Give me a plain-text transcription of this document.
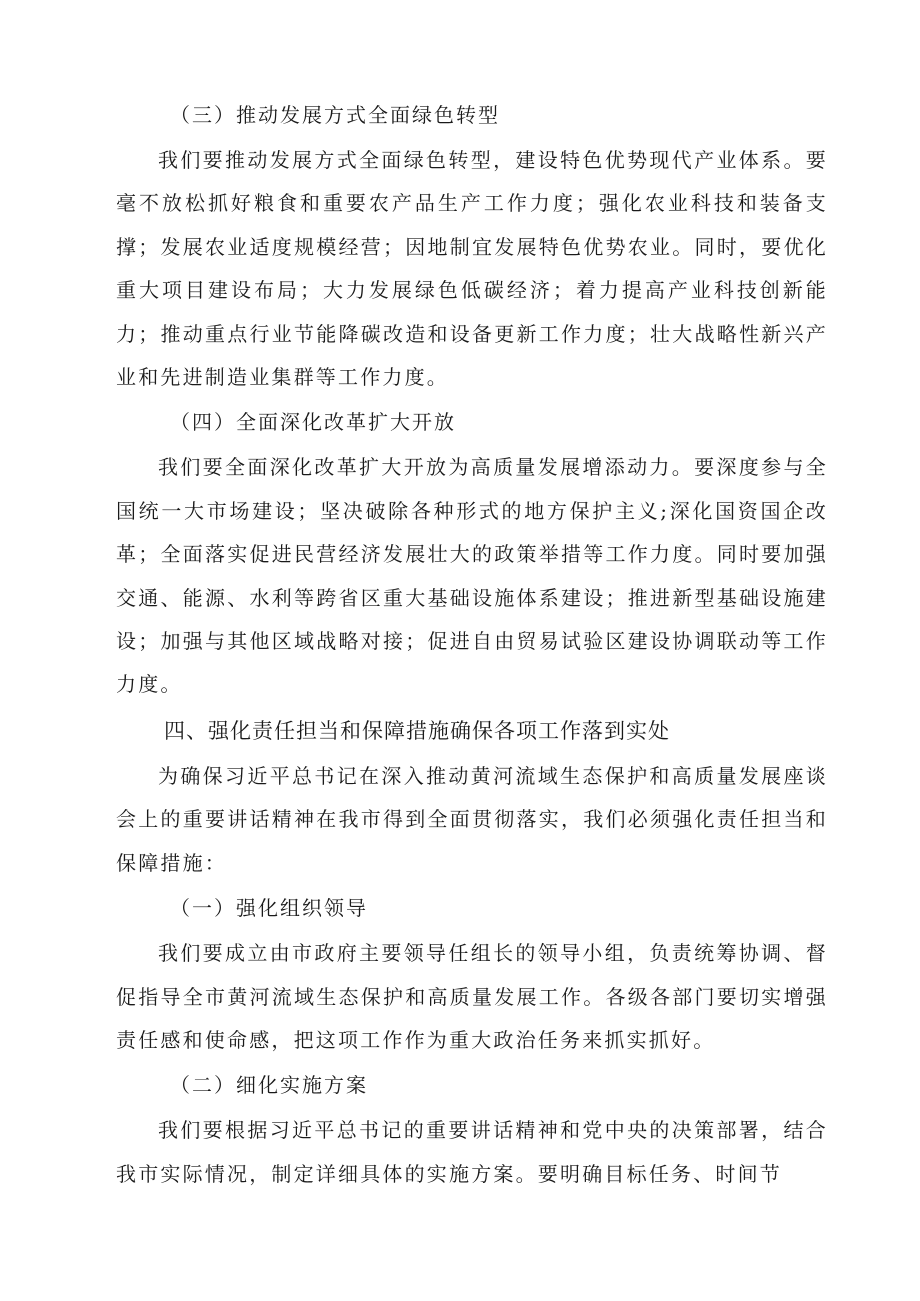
（三）推动发展方式全面绿色转型

我们要推动发展方式全面绿色转型，建设特色优势现代产业体系。要毫不放松抓好粮食和重要农产品生产工作力度；强化农业科技和装备支撑；发展农业适度规模经营；因地制宜发展特色优势农业。同时，要优化重大项目建设布局；大力发展绿色低碳经济；着力提高产业科技创新能力；推动重点行业节能降碳改造和设备更新工作力度；壮大战略性新兴产业和先进制造业集群等工作力度。

（四）全面深化改革扩大开放

我们要全面深化改革扩大开放为高质量发展增添动力。要深度参与全国统一大市场建设；坚决破除各种形式的地方保护主义;深化国资国企改革；全面落实促进民营经济发展壮大的政策举措等工作力度。同时要加强交通、能源、水利等跨省区重大基础设施体系建设；推进新型基础设施建设；加强与其他区域战略对接；促进自由贸易试验区建设协调联动等工作力度。

四、强化责任担当和保障措施确保各项工作落到实处

为确保习近平总书记在深入推动黄河流域生态保护和高质量发展座谈会上的重要讲话精神在我市得到全面贯彻落实，我们必须强化责任担当和保障措施：

（一）强化组织领导

我们要成立由市政府主要领导任组长的领导小组，负责统筹协调、督促指导全市黄河流域生态保护和高质量发展工作。各级各部门要切实增强责任感和使命感，把这项工作作为重大政治任务来抓实抓好。

（二）细化实施方案

我们要根据习近平总书记的重要讲话精神和党中央的决策部署，结合我市实际情况，制定详细具体的实施方案。要明确目标任务、时间节
